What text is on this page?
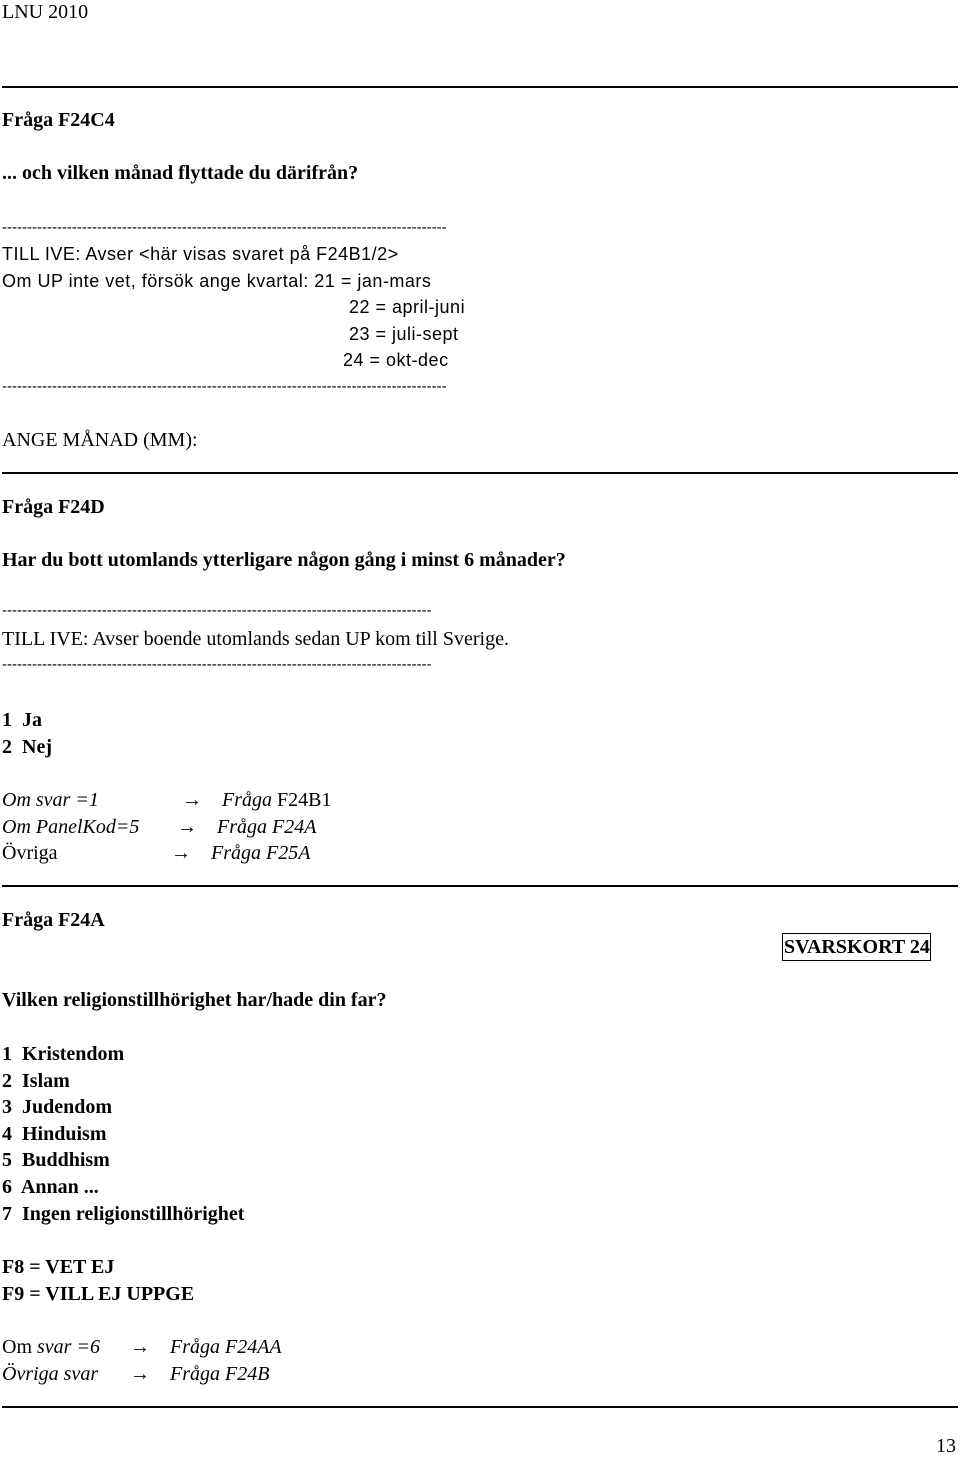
LNU 2010
Fråga F24C4
... och vilken månad flyttade du därifrån?
-----------------------------------------------------------------------------------------
TILL IVE: Avser <här visas svaret på F24B1/2>
Om UP inte vet, försök ange kvartal: 21 = jan-mars
22 = april-juni
23 = juli-sept
24 = okt-dec
-----------------------------------------------------------------------------------------
ANGE MÅNAD (MM):
Fråga F24D
Har du bott utomlands ytterligare någon gång i minst 6 månader?
--------------------------------------------------------------------------------------
TILL IVE: Avser boende utomlands sedan UP kom till Sverige.
--------------------------------------------------------------------------------------
1  Ja
2  Nej
Om svar =1	→ Fråga F24B1
Om PanelKod=5 → Fråga F24A
Övriga	→ Fråga F25A
Fråga F24A
SVARSKORT 24
Vilken religionstillhörighet har/hade din far?
1  Kristendom
2  Islam
3  Judendom
4  Hinduism
5  Buddhism
6  Annan ...
7  Ingen religionstillhörighet
F8 = VET EJ
F9 = VILL EJ UPPGE
Om svar =6 → Fråga F24AA
Övriga svar → Fråga F24B
13
